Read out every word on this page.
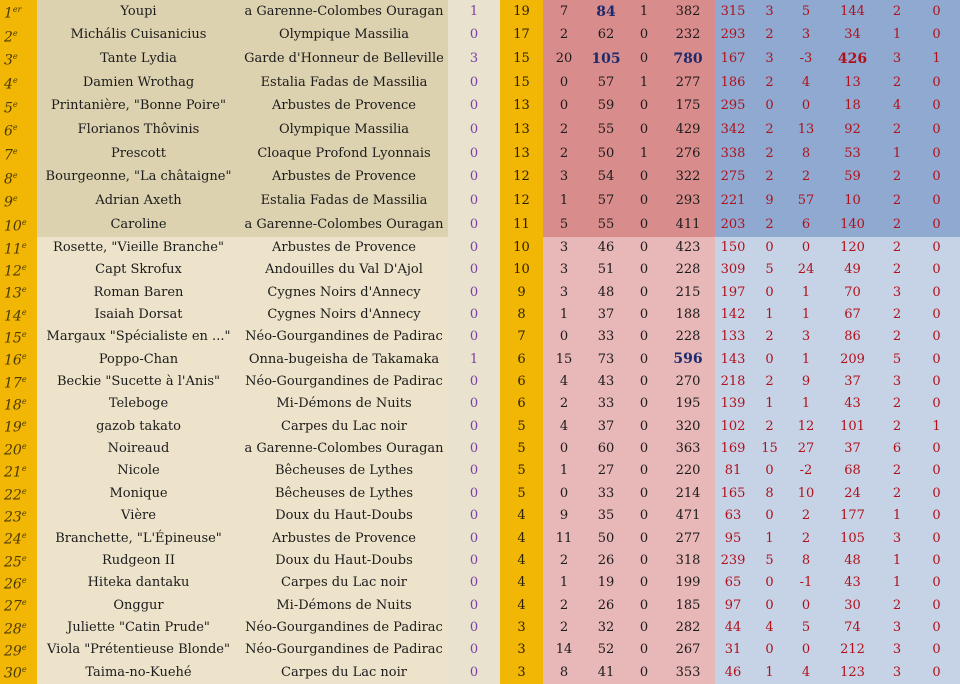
1er	Youpi	a Garenne-Colombes Ouragan	1	19	7	84	1	382	315	3	5	144	2	0
2e	Michális Cuisanicius	Olympique Massilia	0	17	2	62	0	232	293	2	3	34	1	0
3e	Tante Lydia	Garde d'Honneur de Belleville	3	15	20	105	0	780	167	3	-3	426	3	1
4e	Damien Wrothag	Estalia Fadas de Massilia	0	15	0	57	1	277	186	2	4	13	2	0
5e	Printanière, "Bonne Poire"	Arbustes de Provence	0	13	0	59	0	175	295	0	0	18	4	0
6e	Florianos Thôvinis	Olympique Massilia	0	13	2	55	0	429	342	2	13	92	2	0
7e	Prescott	Cloaque Profond Lyonnais	0	13	2	50	1	276	338	2	8	53	1	0
8e	Bourgeonne, "La châtaigne"	Arbustes de Provence	0	12	3	54	0	322	275	2	2	59	2	0
9e	Adrian Axeth	Estalia Fadas de Massilia	0	12	1	57	0	293	221	9	57	10	2	0
10e	Caroline	a Garenne-Colombes Ouragan	0	11	5	55	0	411	203	2	6	140	2	0
11e	Rosette, "Vieille Branche"	Arbustes de Provence	0	10	3	46	0	423	150	0	0	120	2	0
12e	Capt Skrofux	Andouilles du Val D'Ajol	0	10	3	51	0	228	309	5	24	49	2	0
13e	Roman Baren	Cygnes Noirs d'Annecy	0	9	3	48	0	215	197	0	1	70	3	0
14e	Isaiah Dorsat	Cygnes Noirs d'Annecy	0	8	1	37	0	188	142	1	1	67	2	0
15e	Margaux "Spécialiste en ..."	Néo-Gourgandines de Padirac	0	7	0	33	0	228	133	2	3	86	2	0
16e	Poppo-Chan	Onna-bugeisha de Takamaka	1	6	15	73	0	596	143	0	1	209	5	0
17e	Beckie "Sucette à l'Anis"	Néo-Gourgandines de Padirac	0	6	4	43	0	270	218	2	9	37	3	0
18e	Teleboge	Mi-Démons de Nuits	0	6	2	33	0	195	139	1	1	43	2	0
19e	gazob takato	Carpes du Lac noir	0	5	4	37	0	320	102	2	12	101	2	1
20e	Noireaud	a Garenne-Colombes Ouragan	0	5	0	60	0	363	169	15	27	37	6	0
21e	Nicole	Bêcheuses de Lythes	0	5	1	27	0	220	81	0	-2	68	2	0
22e	Monique	Bêcheuses de Lythes	0	5	0	33	0	214	165	8	10	24	2	0
23e	Vière	Doux du Haut-Doubs	0	4	9	35	0	471	63	0	2	177	1	0
24e	Branchette, "L'Épineuse"	Arbustes de Provence	0	4	11	50	0	277	95	1	2	105	3	0
25e	Rudgeon II	Doux du Haut-Doubs	0	4	2	26	0	318	239	5	8	48	1	0
26e	Hiteka dantaku	Carpes du Lac noir	0	4	1	19	0	199	65	0	-1	43	1	0
27e	Onggur	Mi-Démons de Nuits	0	4	2	26	0	185	97	0	0	30	2	0
28e	Juliette "Catin Prude"	Néo-Gourgandines de Padirac	0	3	2	32	0	282	44	4	5	74	3	0
29e	Viola "Prétentieuse Blonde"	Néo-Gourgandines de Padirac	0	3	14	52	0	267	31	0	0	212	3	0
30e	Taima-no-Kuehé	Carpes du Lac noir	0	3	8	41	0	353	46	1	4	123	3	0
